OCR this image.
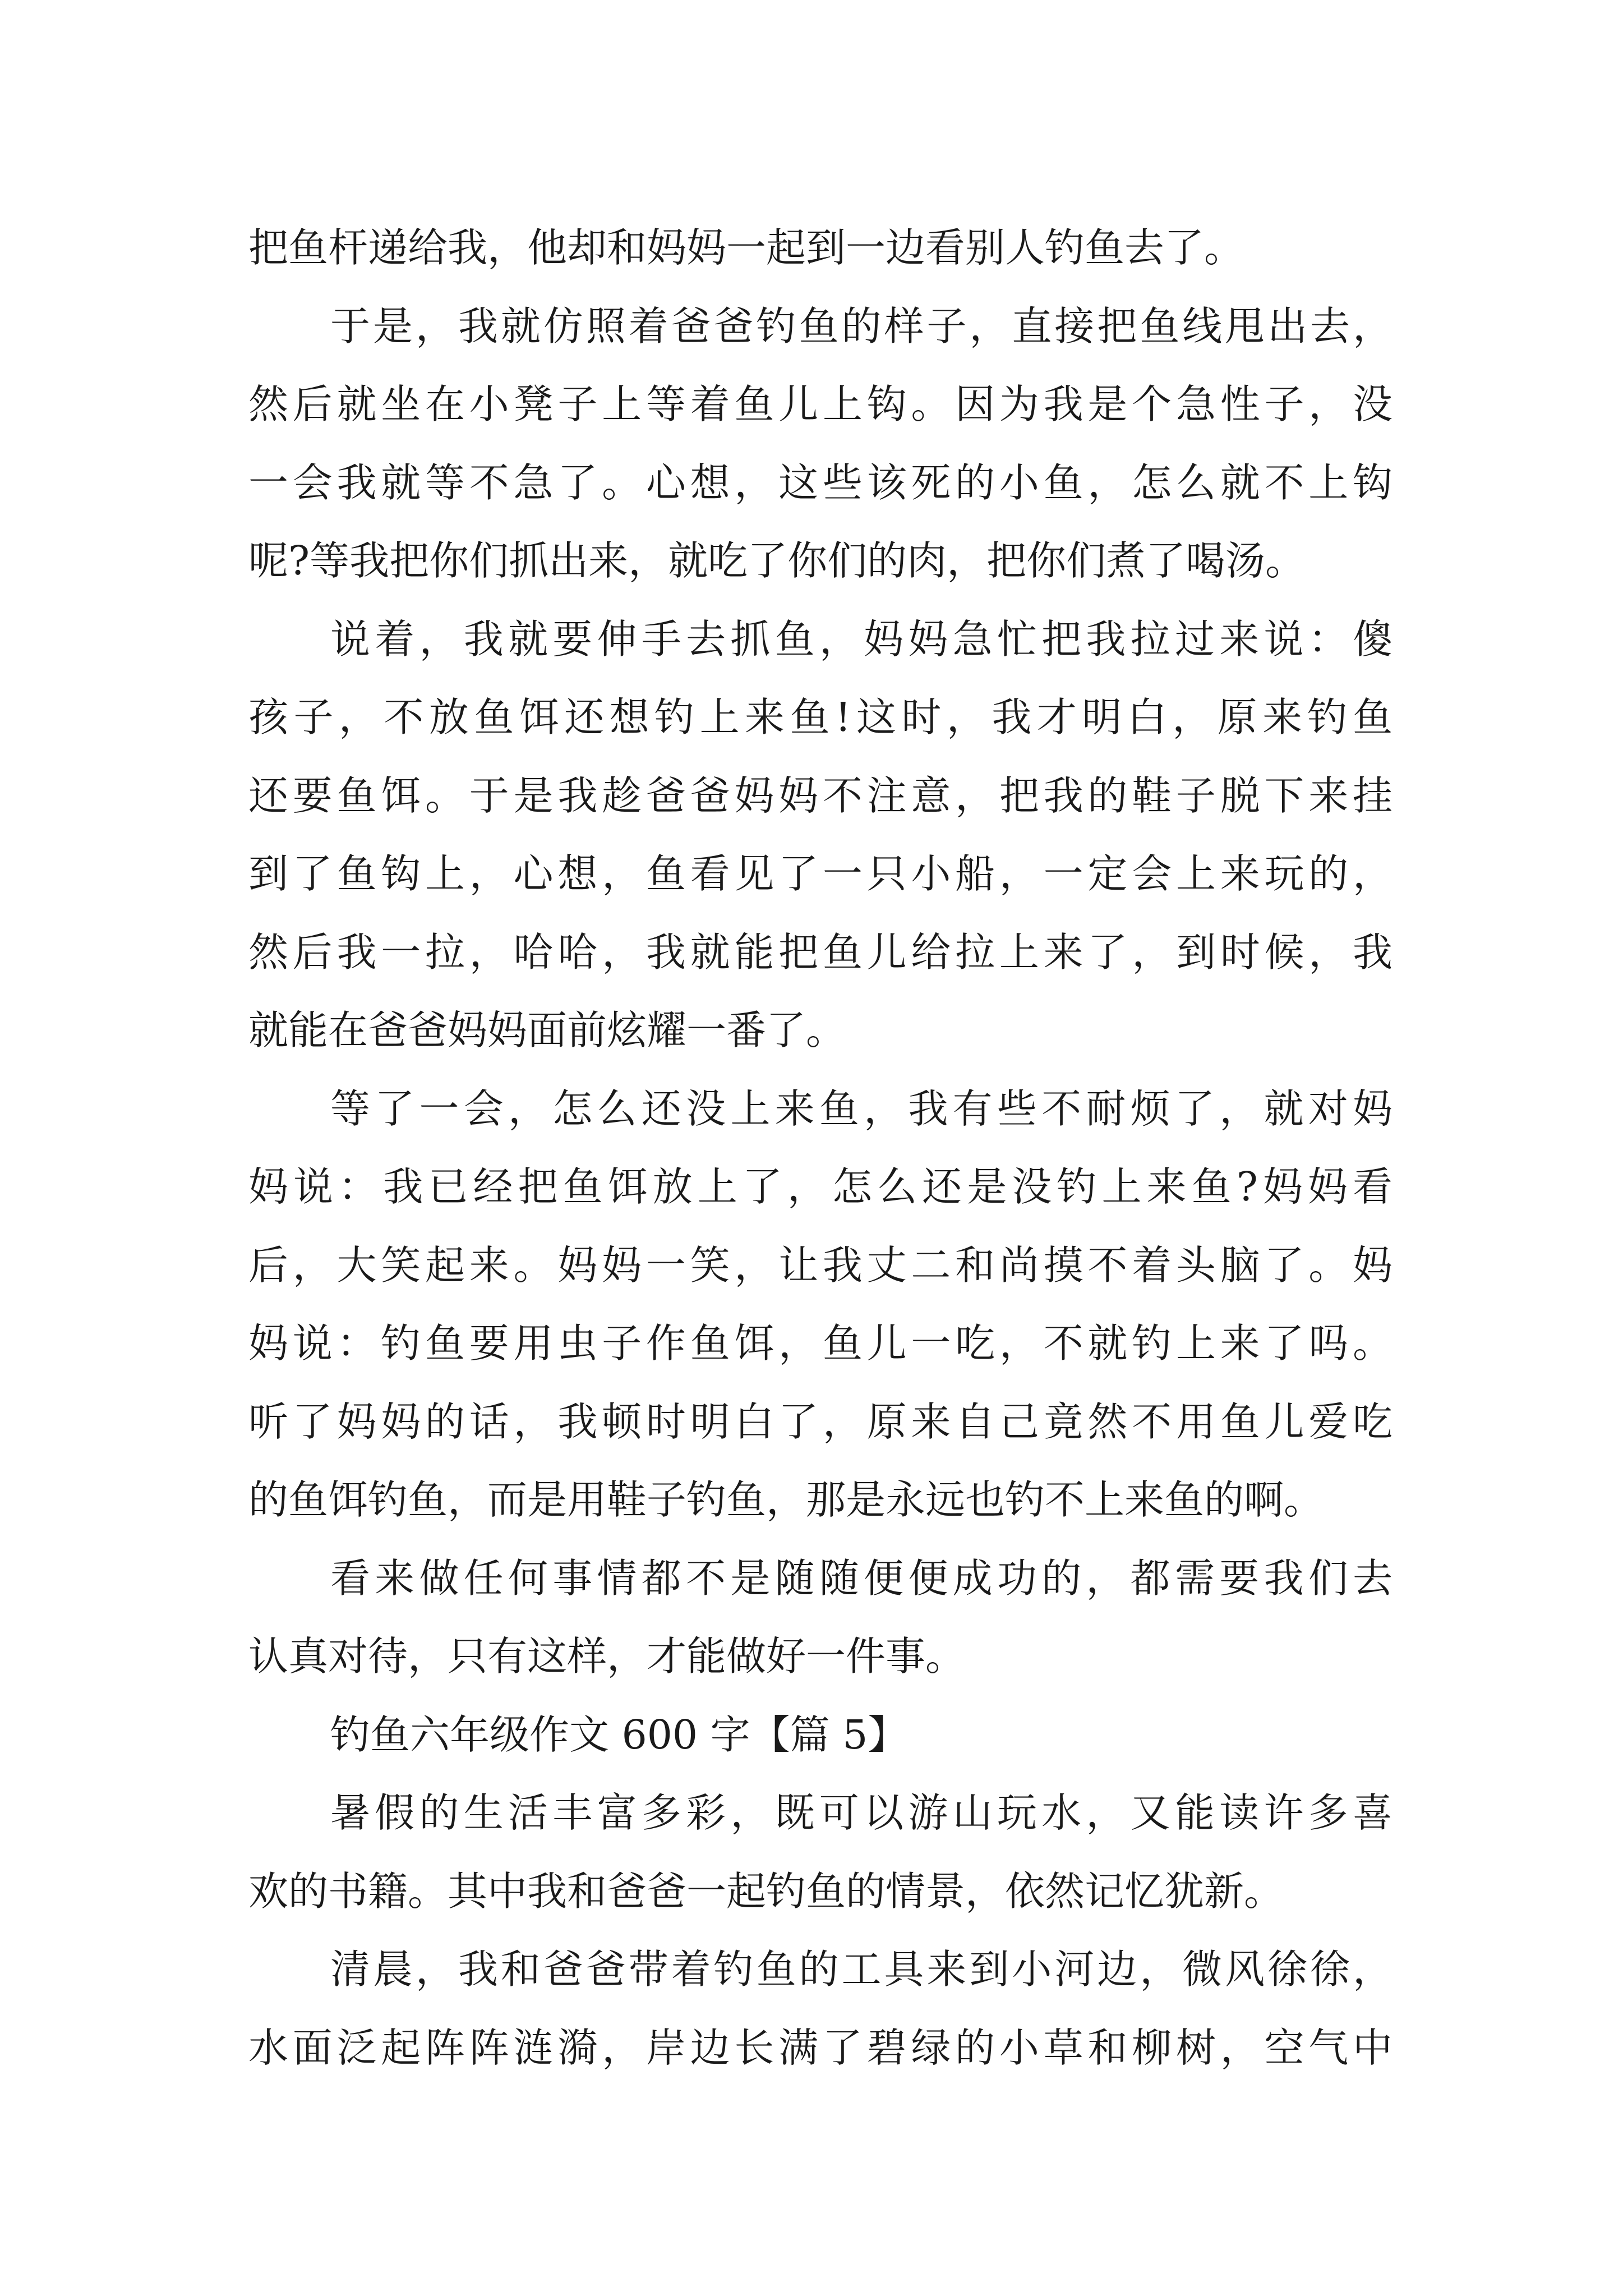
把鱼杆递给我，他却和妈妈一起到一边看别人钓鱼去了。
于是，我就仿照着爸爸钓鱼的样子，直接把鱼线甩出去，
然后就坐在小凳子上等着鱼儿上钩。因为我是个急性子，没
一会我就等不急了。心想，这些该死的小鱼，怎么就不上钩
呢?等我把你们抓出来，就吃了你们的肉，把你们煮了喝汤。
说着，我就要伸手去抓鱼，妈妈急忙把我拉过来说：傻
孩子，不放鱼饵还想钓上来鱼!这时，我才明白，原来钓鱼
还要鱼饵。于是我趁爸爸妈妈不注意，把我的鞋子脱下来挂
到了鱼钩上，心想，鱼看见了一只小船，一定会上来玩的，
然后我一拉，哈哈，我就能把鱼儿给拉上来了，到时候，我
就能在爸爸妈妈面前炫耀一番了。
等了一会，怎么还没上来鱼，我有些不耐烦了，就对妈
妈说：我已经把鱼饵放上了，怎么还是没钓上来鱼?妈妈看
后，大笑起来。妈妈一笑，让我丈二和尚摸不着头脑了。妈
妈说：钓鱼要用虫子作鱼饵，鱼儿一吃，不就钓上来了吗。
听了妈妈的话，我顿时明白了，原来自己竟然不用鱼儿爱吃
的鱼饵钓鱼，而是用鞋子钓鱼，那是永远也钓不上来鱼的啊。
看来做任何事情都不是随随便便成功的，都需要我们去
认真对待，只有这样，才能做好一件事。
钓鱼六年级作文 600 字【篇 5】
暑假的生活丰富多彩，既可以游山玩水，又能读许多喜
欢的书籍。其中我和爸爸一起钓鱼的情景，依然记忆犹新。
清晨，我和爸爸带着钓鱼的工具来到小河边，微风徐徐，
水面泛起阵阵涟漪，岸边长满了碧绿的小草和柳树，空气中
